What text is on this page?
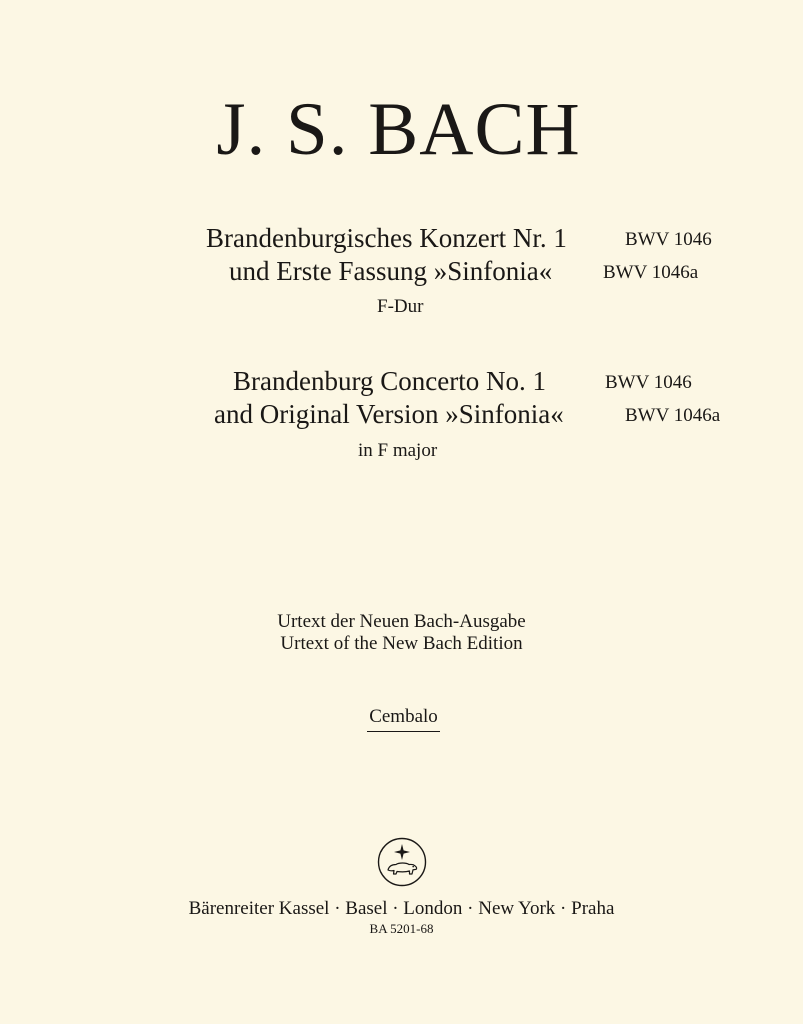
J. S. BACH
Brandenburgisches Konzert Nr. 1	BWV 1046
und Erste Fassung »Sinfonia«	BWV 1046a
F-Dur
Brandenburg Concerto No. 1	BWV 1046
and Original Version »Sinfonia«	BWV 1046a
in F major
Urtext der Neuen Bach-Ausgabe
Urtext of the New Bach Edition
Cembalo
Bärenreiter Kassel · Basel · London · New York · Praha
BA 5201-68
